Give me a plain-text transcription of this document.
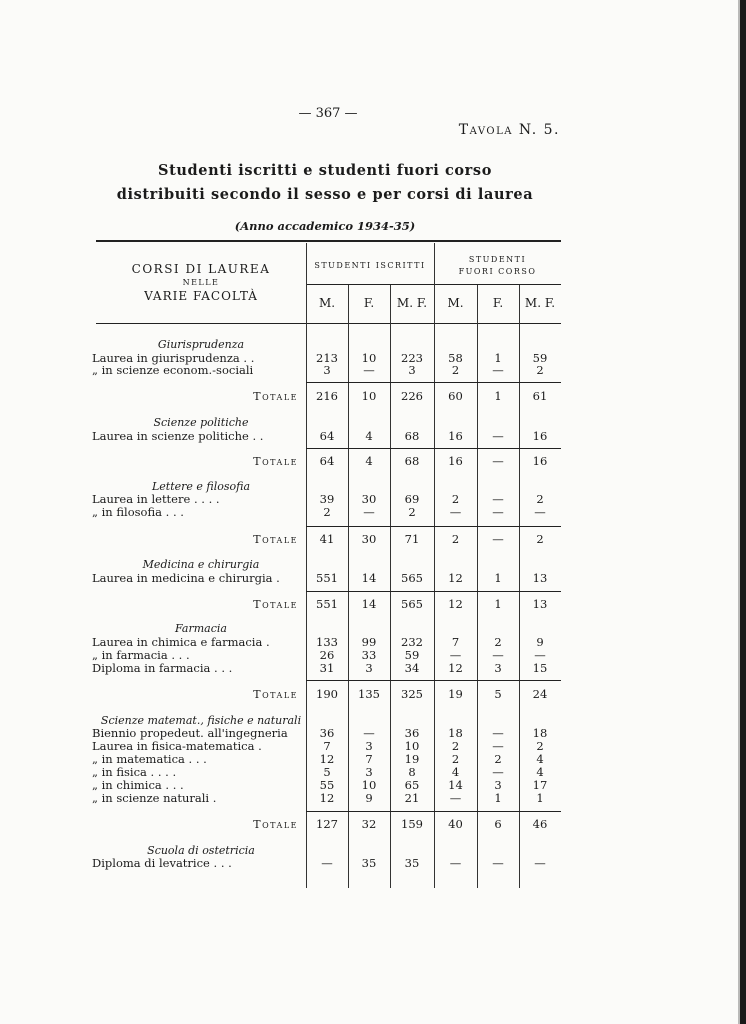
— 367 —
Tavola N. 5.
Studenti iscritti e studenti fuori corso
distribuiti secondo il sesso e per corsi di laurea
(Anno accademico 1934-35)
CORSI DI LAUREA
NELLE
VARIE FACOLTÀ
STUDENTI ISCRITTI
STUDENTI
FUORI CORSO
M.	F.	M. F.	M.	F.	M. F.
Giurisprudenza
Laurea in giurisprudenza . .	213	10	223	58	1	59
„ in scienze econom.-sociali	3	—	3	2	—	2
Totale	216	10	226	60	1	61
Scienze politiche
Laurea in scienze politiche . .	64	4	68	16	—	16
Totale	64	4	68	16	—	16
Lettere e filosofia
Laurea in lettere . . . .	39	30	69	2	—	2
„ in filosofia . . .	2	—	2	—	—	—
Totale	41	30	71	2	—	2
Medicina e chirurgia
Laurea in medicina e chirurgia .	551	14	565	12	1	13
Totale	551	14	565	12	1	13
Farmacia
Laurea in chimica e farmacia .	133	99	232	7	2	9
„ in farmacia . . .	26	33	59	—	—	—
Diploma in farmacia . . .	31	3	34	12	3	15
Totale	190	135	325	19	5	24
Scienze matemat., fisiche e naturali
Biennio propedeut. all'ingegneria	36	—	36	18	—	18
Laurea in fisica-matematica .	7	3	10	2	—	2
„ in matematica . . .	12	7	19	2	2	4
„ in fisica . . . .	5	3	8	4	—	4
„ in chimica . . .	55	10	65	14	3	17
„ in scienze naturali .	12	9	21	—	1	1
Totale	127	32	159	40	6	46
Scuola di ostetricia
Diploma di levatrice . . .	—	35	35	—	—	—
